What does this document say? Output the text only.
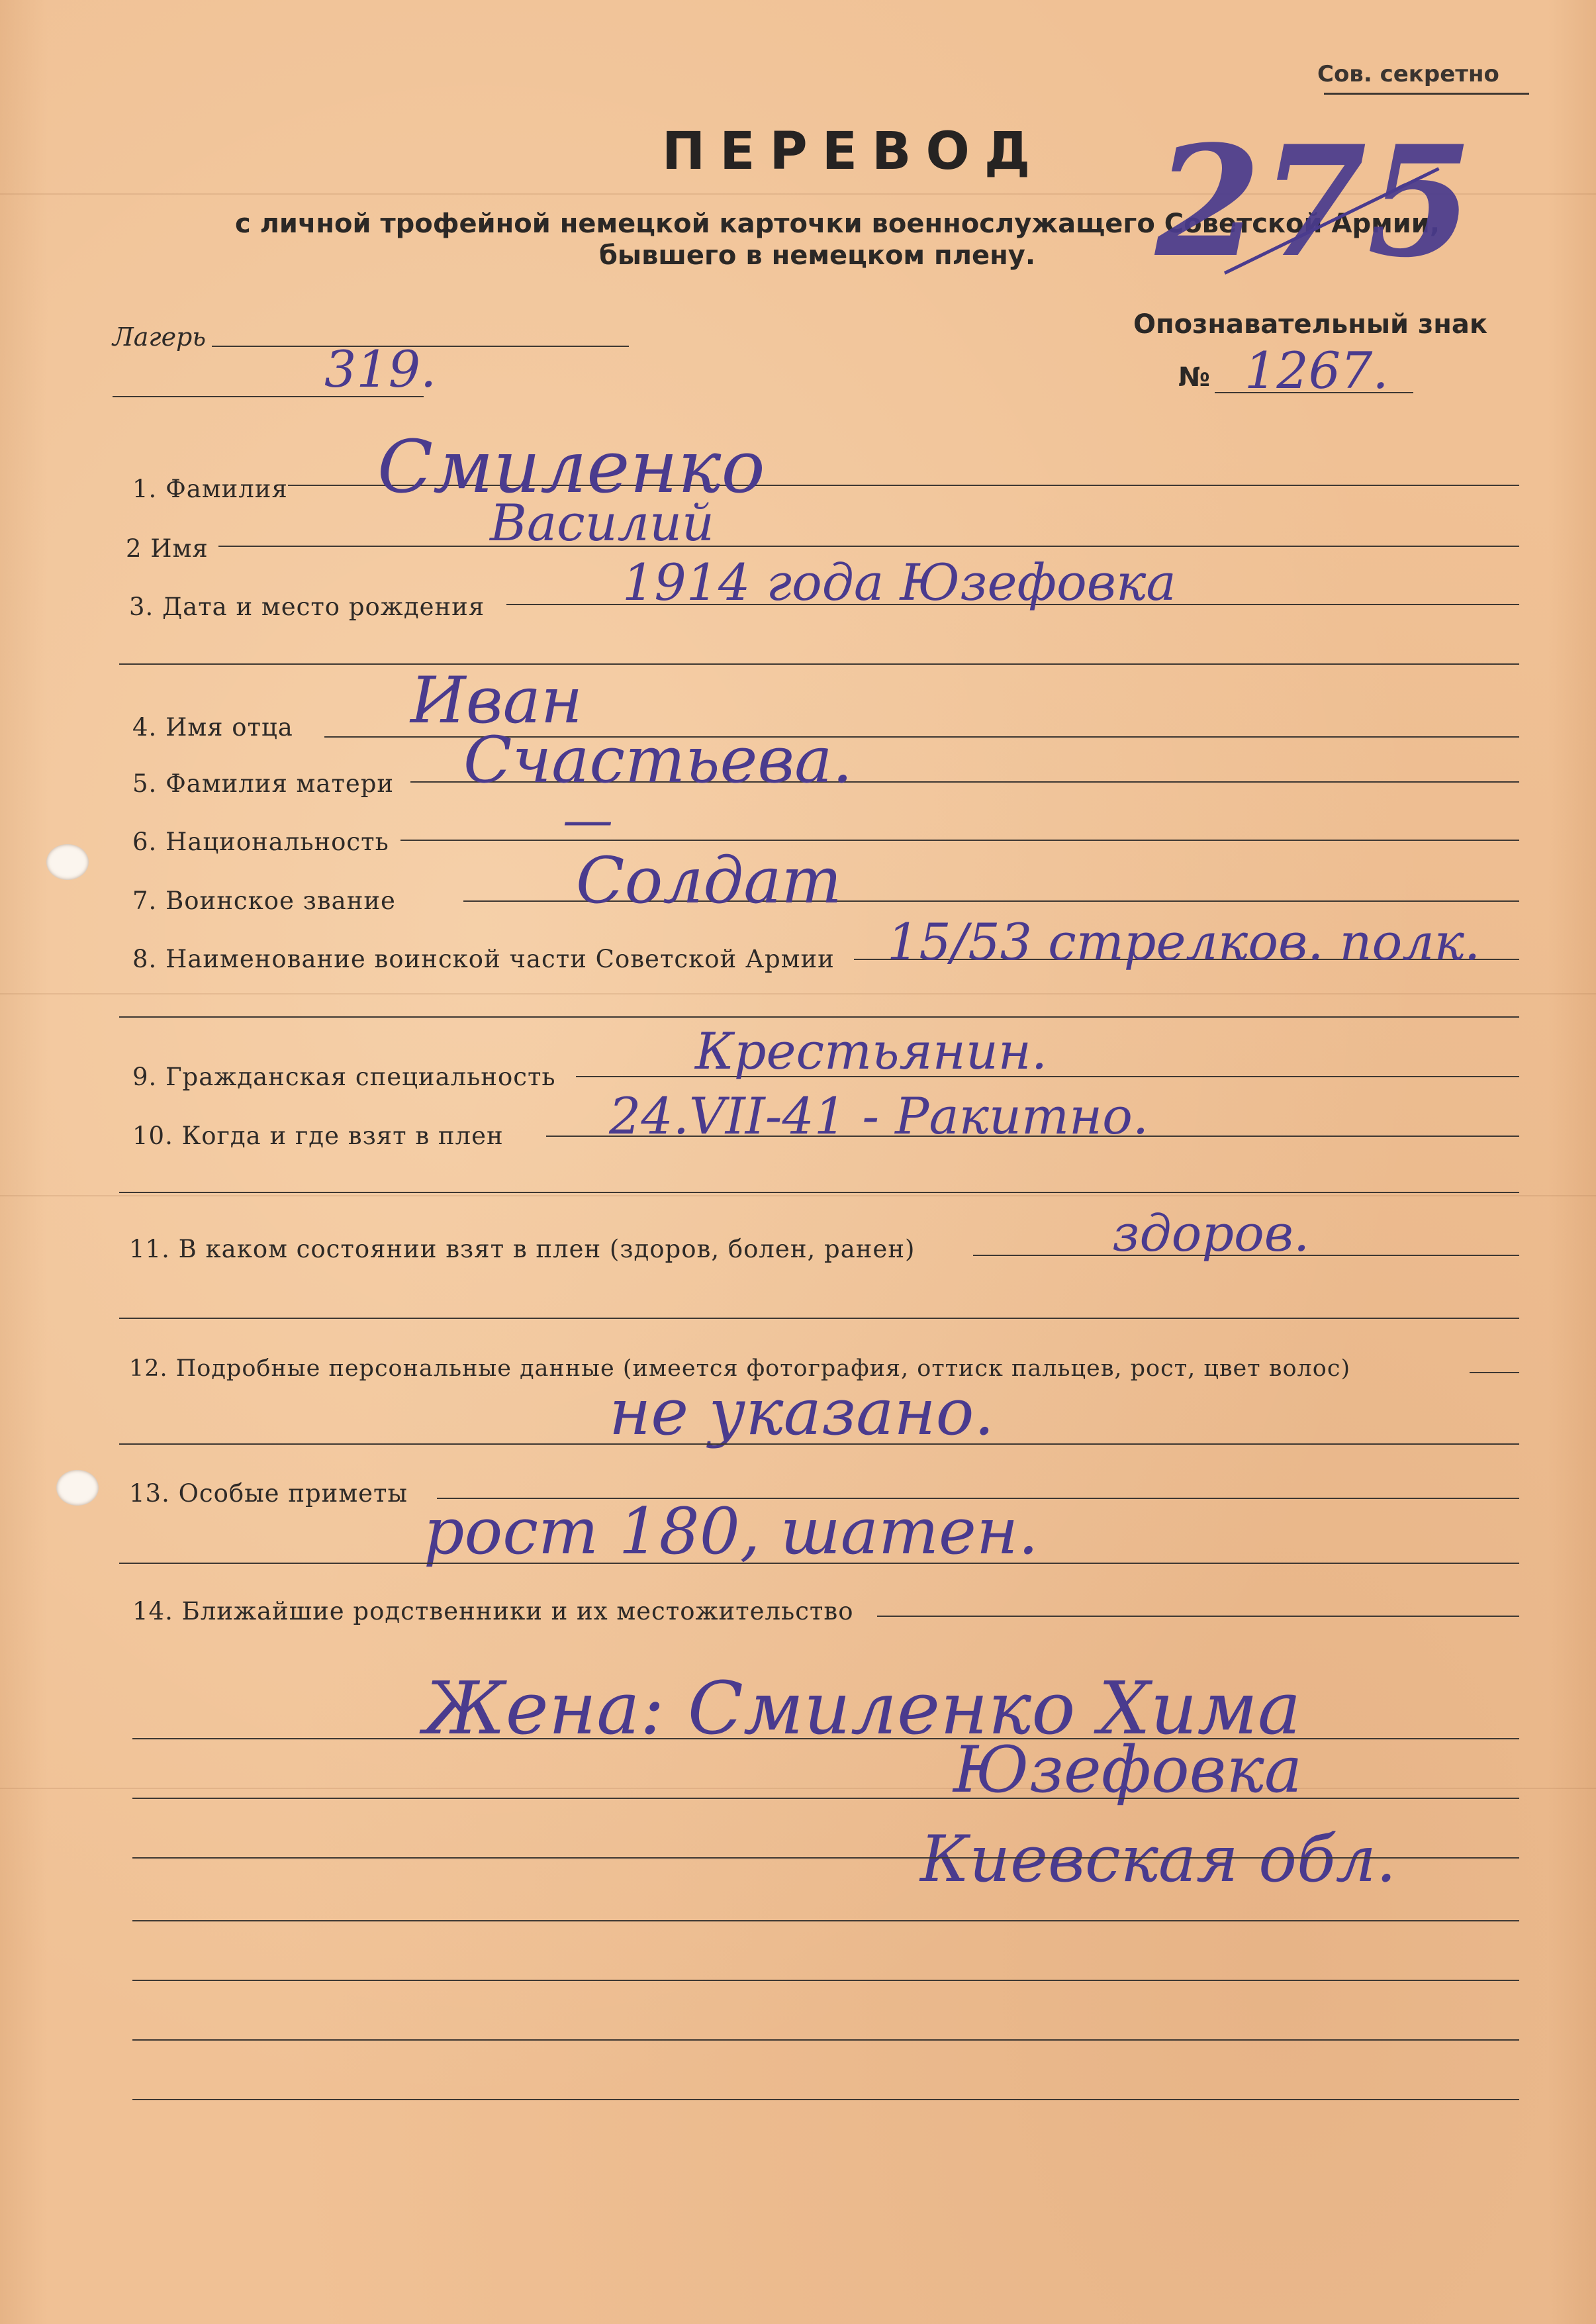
Сов. секретно
ПЕРЕВОД
с личной трофейной немецкой карточки военнослужащего Советской Армии,
бывшего в немецком плену. 275
Лагерь
319.
Опознавательный знак
№ 1267.
1. Фамилия Смиленко
2 Имя	Василий
3. Дата и место рождения	1914 года Юзефовка
4. Имя отца Иван
5. Фамилия матери Счастьева.
6. Национальность	—
7. Воинское звание	Солдат
8. Наименование воинской части Советской Армии 15/53 стрелков. полк.
9. Гражданская специальность	Крестьянин.
10. Когда и где взят в плен 24.VII-41 - Ракитно.
11. В каком состоянии взят в плен (здоров, болен, ранен)	здоров.
12. Подробные персональные данные (имеется фотография, оттиск пальцев, рост, цвет волос)
не указано.
13. Особые приметы
рост 180, шатен.
14. Ближайшие родственники и их местожительство
Жена: Смиленко Хима
Юзефовка
Киевская обл.
